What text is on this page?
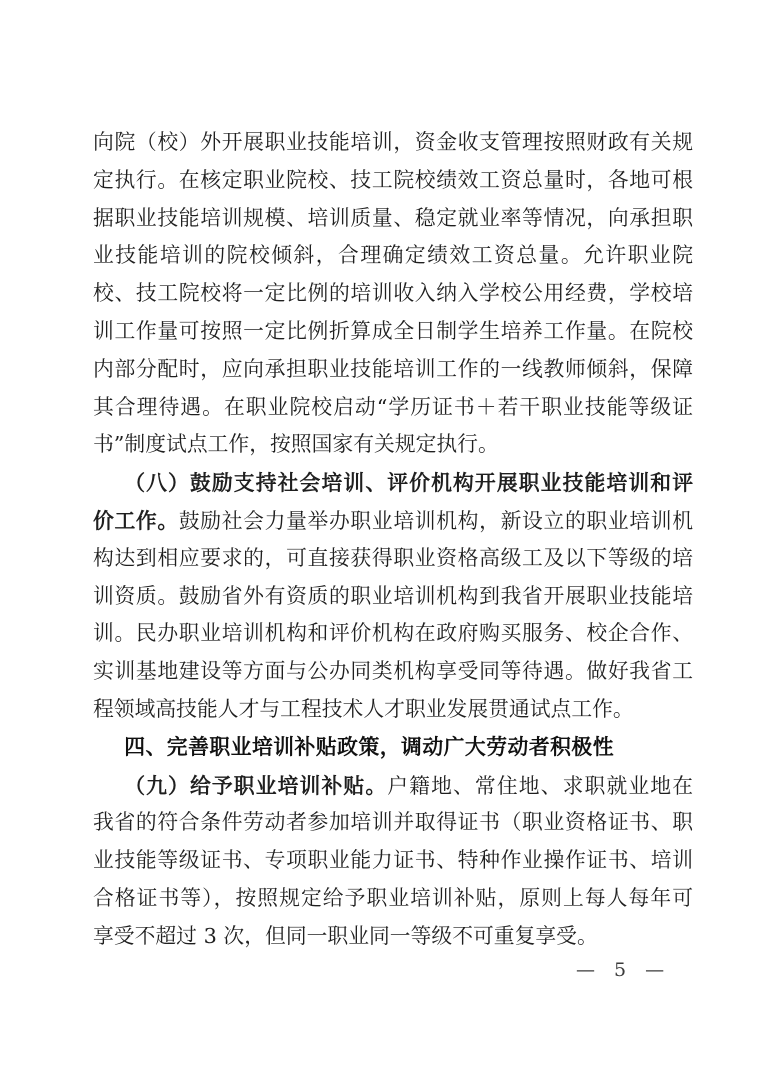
向院（校）外开展职业技能培训，资金收支管理按照财政有关规
定执行。在核定职业院校、技工院校绩效工资总量时，各地可根
据职业技能培训规模、培训质量、稳定就业率等情况，向承担职
业技能培训的院校倾斜，合理确定绩效工资总量。允许职业院
校、技工院校将一定比例的培训收入纳入学校公用经费，学校培
训工作量可按照一定比例折算成全日制学生培养工作量。在院校
内部分配时，应向承担职业技能培训工作的一线教师倾斜，保障
其合理待遇。在职业院校启动“学历证书＋若干职业技能等级证
书”制度试点工作，按照国家有关规定执行。
（八）鼓励支持社会培训、评价机构开展职业技能培训和评
价工作。鼓励社会力量举办职业培训机构，新设立的职业培训机
构达到相应要求的，可直接获得职业资格高级工及以下等级的培
训资质。鼓励省外有资质的职业培训机构到我省开展职业技能培
训。民办职业培训机构和评价机构在政府购买服务、校企合作、
实训基地建设等方面与公办同类机构享受同等待遇。做好我省工
程领域高技能人才与工程技术人才职业发展贯通试点工作。
四、完善职业培训补贴政策，调动广大劳动者积极性
（九）给予职业培训补贴。户籍地、常住地、求职就业地在
我省的符合条件劳动者参加培训并取得证书（职业资格证书、职
业技能等级证书、专项职业能力证书、特种作业操作证书、培训
合格证书等），按照规定给予职业培训补贴，原则上每人每年可
享受不超过 3 次，但同一职业同一等级不可重复享受。
— 5 —
